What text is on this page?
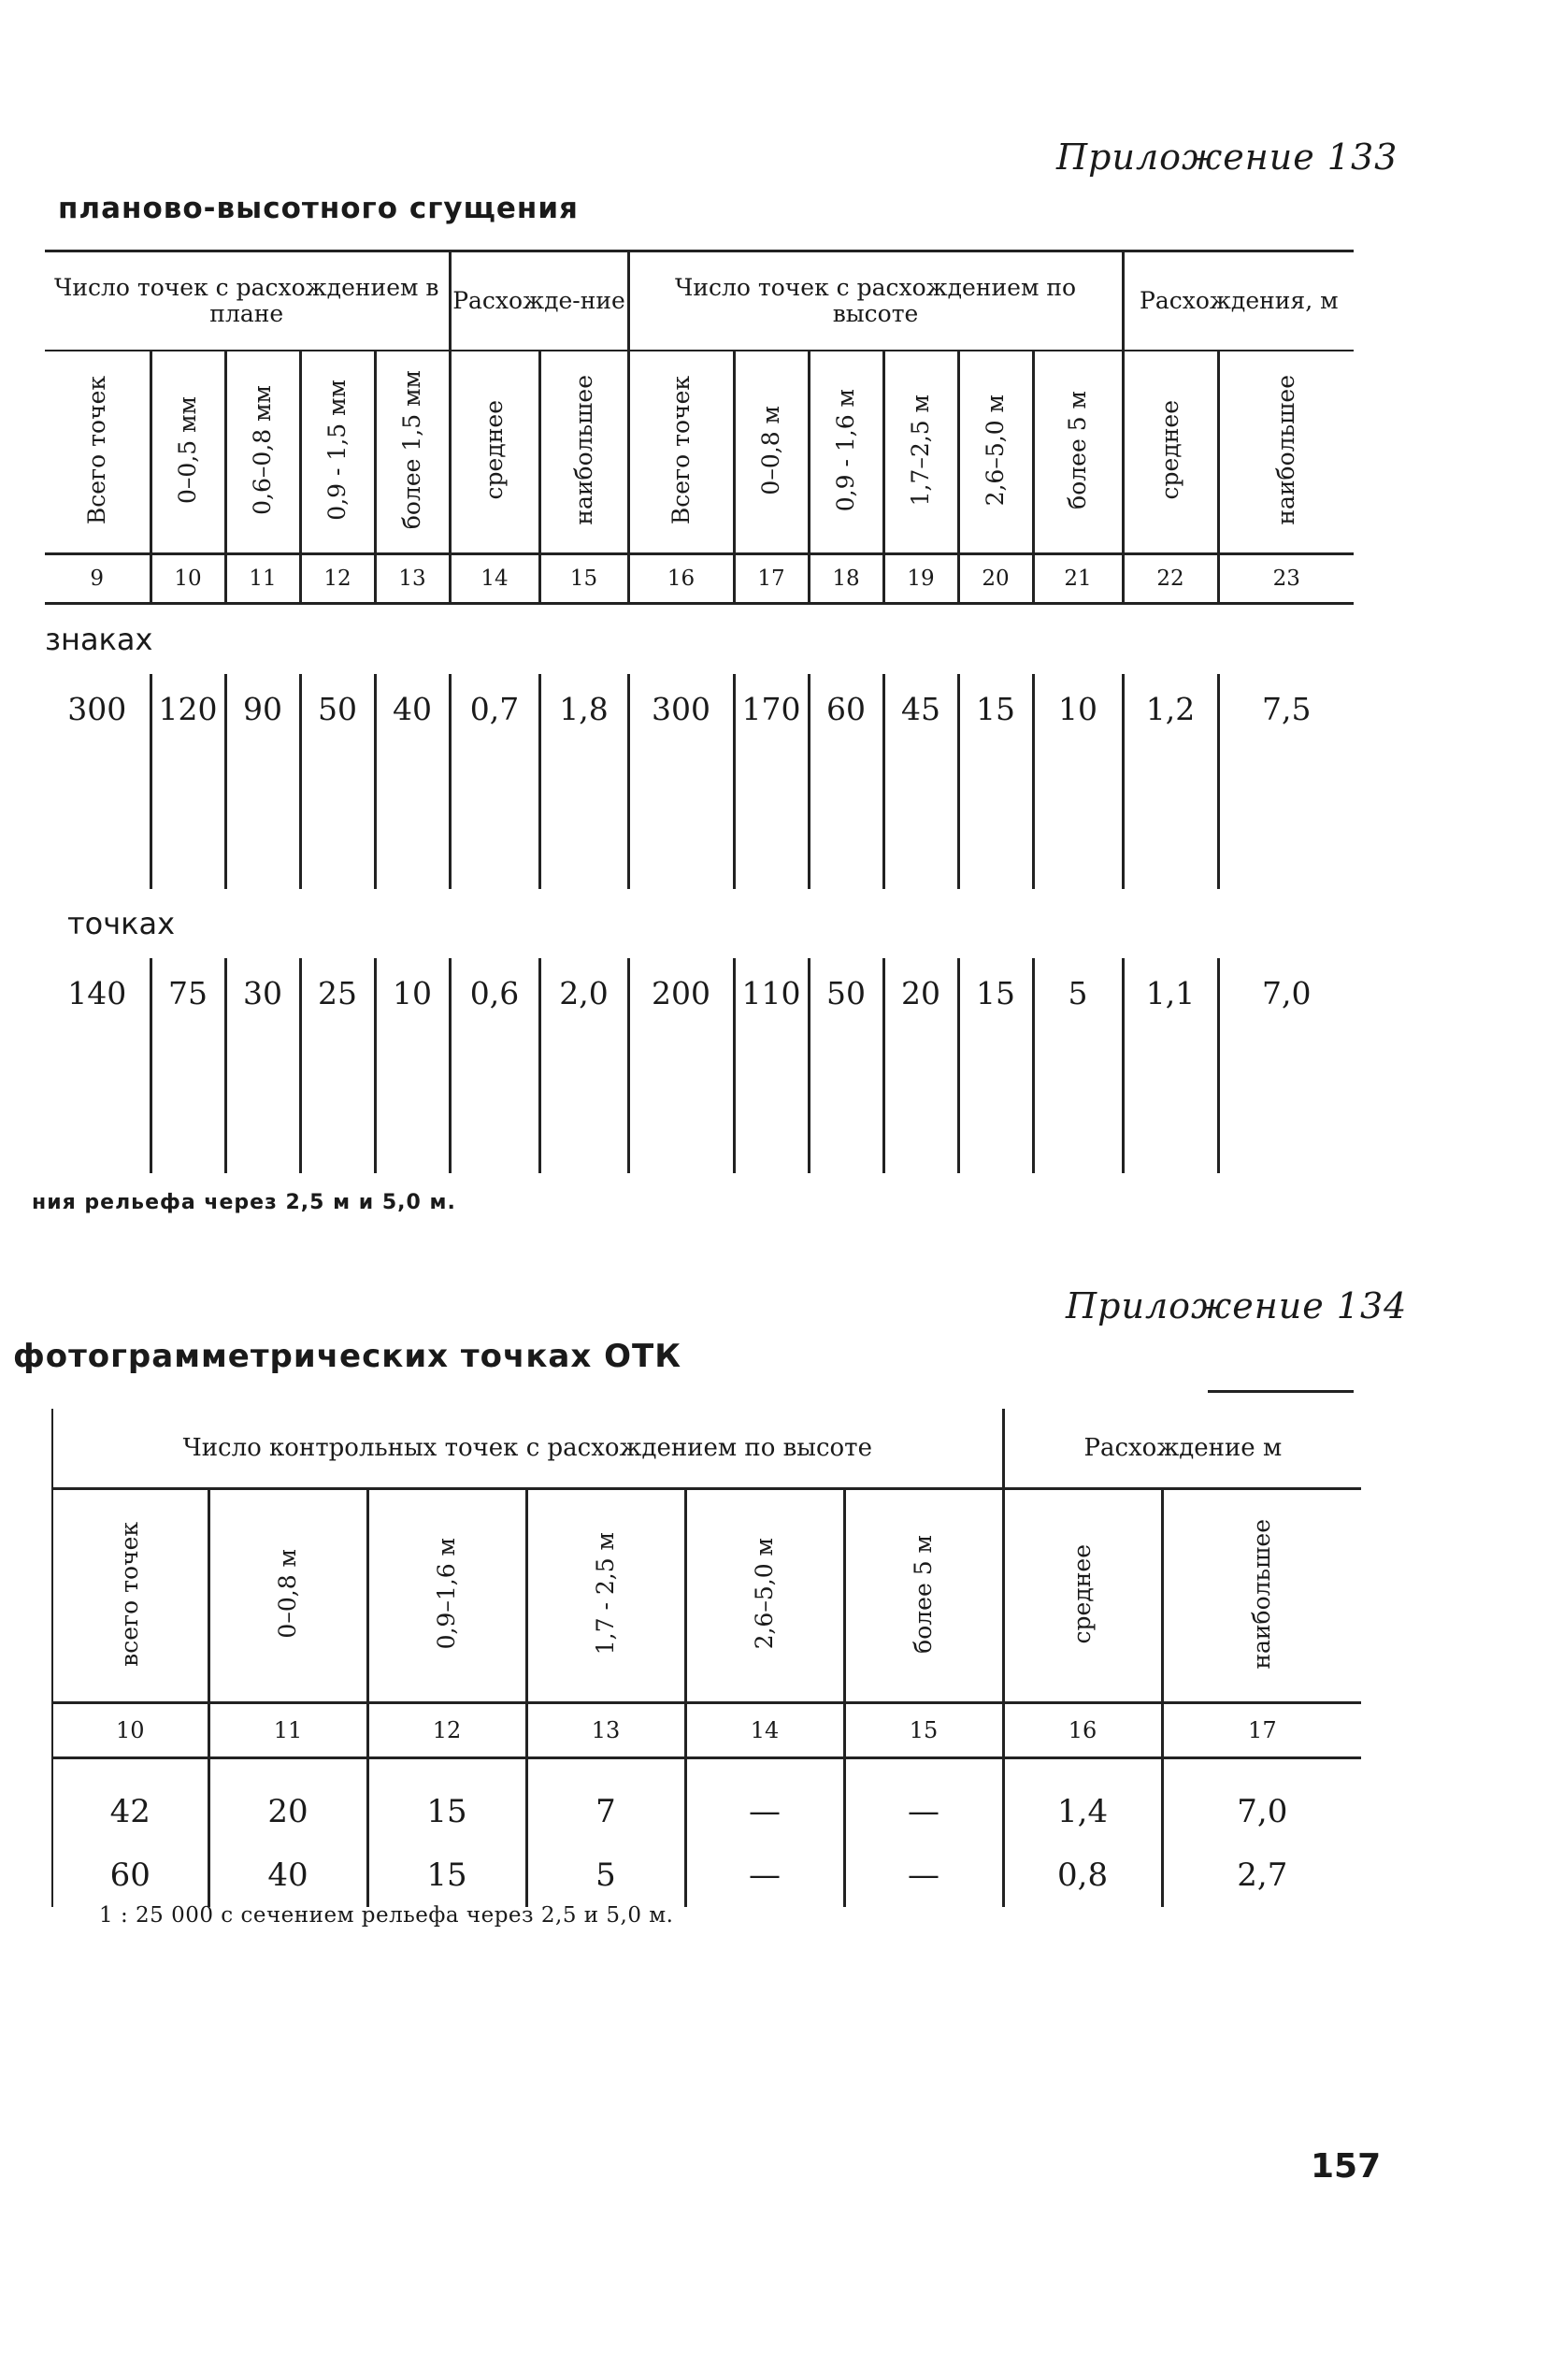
Приложение 133
планово-высотного сгущения
Число точек с расхождением в плане					Расхожде-ние		Число точек с расхождением по высоте						Расхождения, м	
Всего точек	0–0,5 мм	0,6–0,8 мм	0,9 - 1,5 мм	более 1,5 мм	среднее	наибольшее	Всего точек	0–0,8 м	0,9 - 1,6 м	1,7–2,5 м	2,6–5,0 м	более 5 м	среднее	наибольшее
9	10	11	12	13	14	15	16	17	18	19	20	21	22	23
знаках														
300	120	90	50	40	0,7	1,8	300	170	60	45	15	10	1,2	7,5
точках														
140	75	30	25	10	0,6	2,0	200	110	50	20	15	5	1,1	7,0
ния рельефа через 2,5 м и 5,0 м.
Приложение 134
фотограмметрических точках ОТК
Число контрольных точек с расхождением по высоте						Расхождение м	
всего точек	0–0,8 м	0,9–1,6 м	1,7 - 2,5 м	2,6–5,0 м	более 5 м	среднее	наибольшее
10	11	12	13	14	15	16	17
42	20	15	7	—	—	1,4	7,0
60	40	15	5	—	—	0,8	2,7
1 : 25 000 с сечением рельефа через 2,5 и 5,0 м.
157
